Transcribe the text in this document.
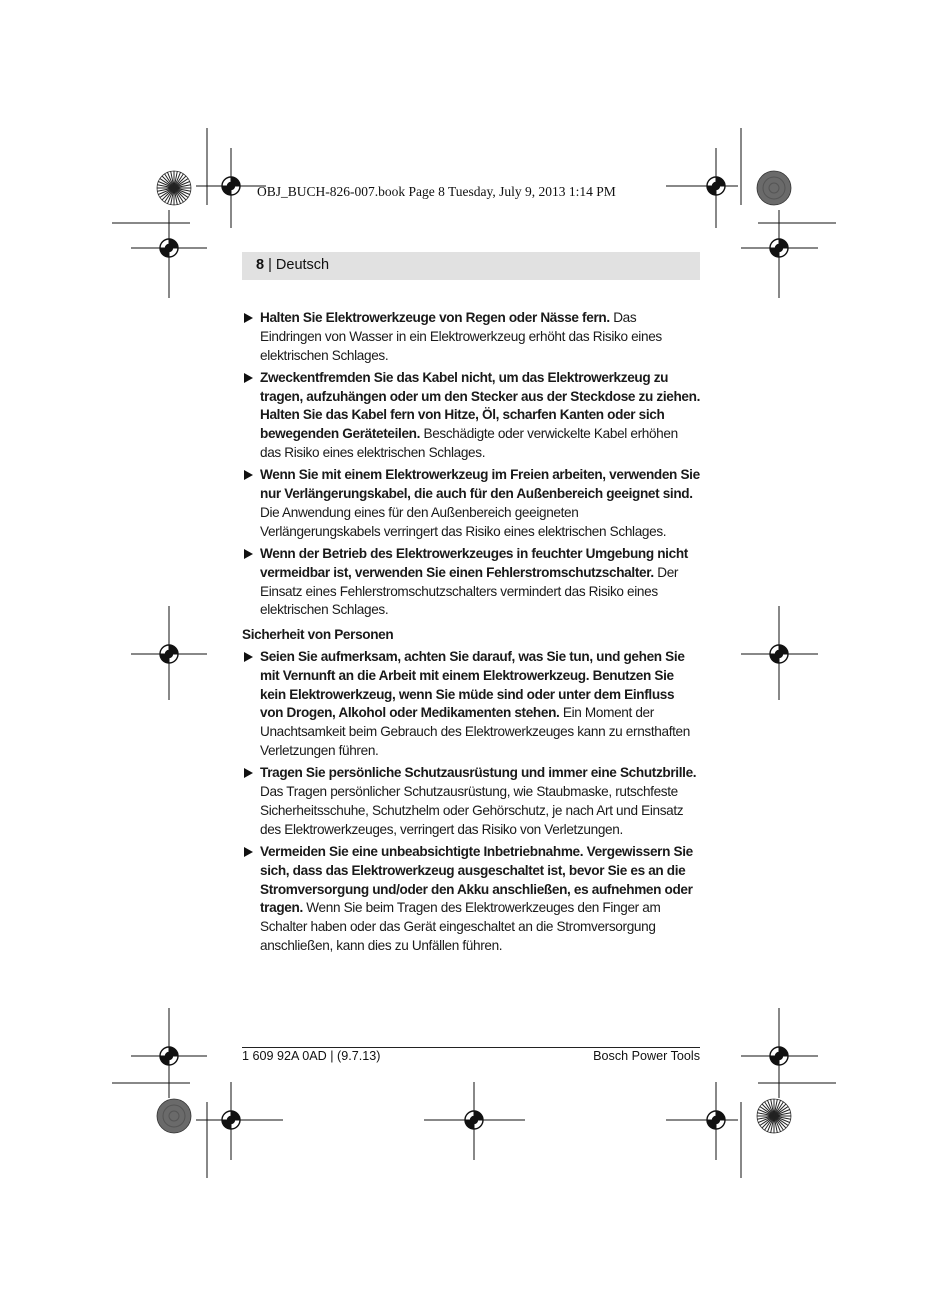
OBJ_BUCH-826-007.book Page 8 Tuesday, July 9, 2013 1:14 PM
8 | Deutsch
Halten Sie Elektrowerkzeuge von Regen oder Nässe fern. Das Eindringen von Wasser in ein Elektrowerkzeug erhöht das Risiko eines elektrischen Schlages.
Zweckentfremden Sie das Kabel nicht, um das Elektrowerkzeug zu tragen, aufzuhängen oder um den Stecker aus der Steckdose zu ziehen. Halten Sie das Kabel fern von Hitze, Öl, scharfen Kanten oder sich bewegenden Geräteteilen. Beschädigte oder verwickelte Kabel erhöhen das Risiko eines elektrischen Schlages.
Wenn Sie mit einem Elektrowerkzeug im Freien arbeiten, verwenden Sie nur Verlängerungskabel, die auch für den Außenbereich geeignet sind. Die Anwendung eines für den Außenbereich geeigneten Verlängerungskabels verringert das Risiko eines elektrischen Schlages.
Wenn der Betrieb des Elektrowerkzeuges in feuchter Umgebung nicht vermeidbar ist, verwenden Sie einen Fehlerstromschutzschalter. Der Einsatz eines Fehlerstromschutzschalters vermindert das Risiko eines elektrischen Schlages.
Sicherheit von Personen
Seien Sie aufmerksam, achten Sie darauf, was Sie tun, und gehen Sie mit Vernunft an die Arbeit mit einem Elektrowerkzeug. Benutzen Sie kein Elektrowerkzeug, wenn Sie müde sind oder unter dem Einfluss von Drogen, Alkohol oder Medikamenten stehen. Ein Moment der Unachtsamkeit beim Gebrauch des Elektrowerkzeuges kann zu ernsthaften Verletzungen führen.
Tragen Sie persönliche Schutzausrüstung und immer eine Schutzbrille. Das Tragen persönlicher Schutzausrüstung, wie Staubmaske, rutschfeste Sicherheitsschuhe, Schutzhelm oder Gehörschutz, je nach Art und Einsatz des Elektrowerkzeuges, verringert das Risiko von Verletzungen.
Vermeiden Sie eine unbeabsichtigte Inbetriebnahme. Vergewissern Sie sich, dass das Elektrowerkzeug ausgeschaltet ist, bevor Sie es an die Stromversorgung und/oder den Akku anschließen, es aufnehmen oder tragen. Wenn Sie beim Tragen des Elektrowerkzeuges den Finger am Schalter haben oder das Gerät eingeschaltet an die Stromversorgung anschließen, kann dies zu Unfällen führen.
1 609 92A 0AD | (9.7.13)	Bosch Power Tools
